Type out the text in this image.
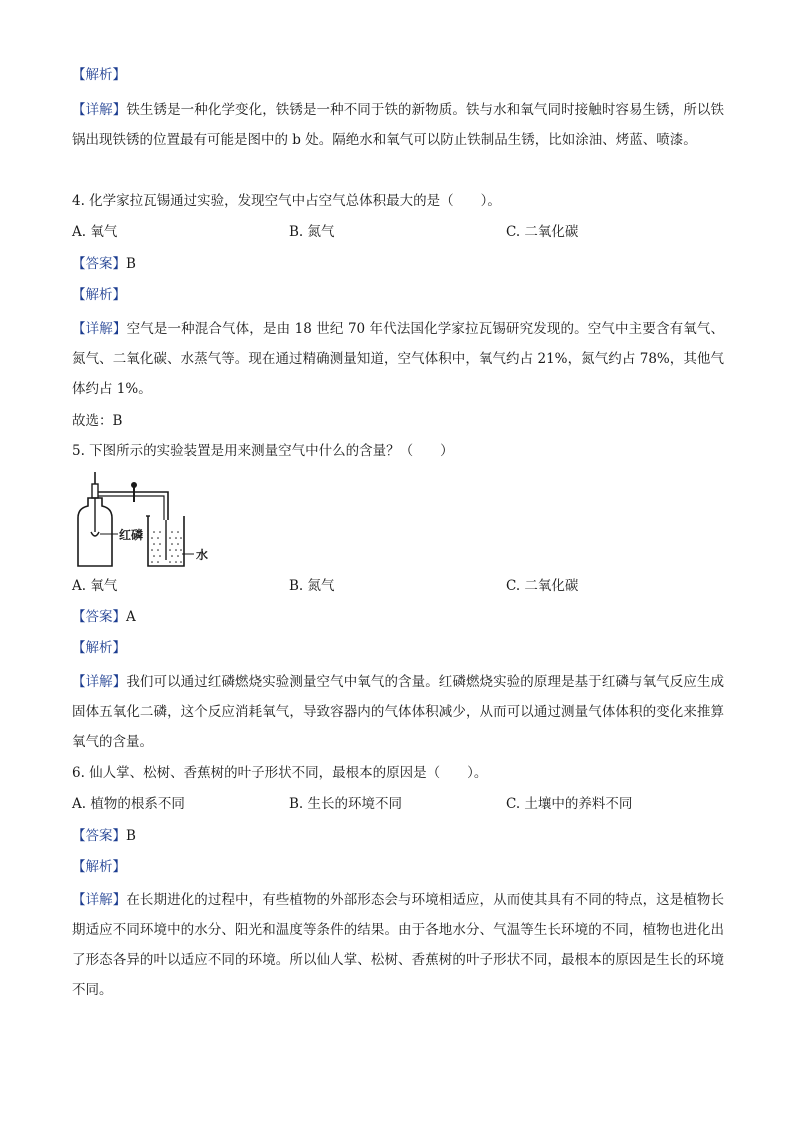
【解析】
【详解】铁生锈是一种化学变化，铁锈是一种不同于铁的新物质。铁与水和氧气同时接触时容易生锈，所以铁锅出现铁锈的位置最有可能是图中的 b 处。隔绝水和氧气可以防止铁制品生锈，比如涂油、烤蓝、喷漆。
4. 化学家拉瓦锡通过实验，发现空气中占空气总体积最大的是（　　）。
A. 氧气	B. 氮气	C. 二氧化碳
【答案】B
【解析】
【详解】空气是一种混合气体，是由 18 世纪 70 年代法国化学家拉瓦锡研究发现的。空气中主要含有氧气、氮气、二氧化碳、水蒸气等。现在通过精确测量知道，空气体积中，氧气约占 21%，氮气约占 78%，其他气体约占 1%。
故选：B
5. 下图所示的实验装置是用来测量空气中什么的含量？（　　）
红磷
水
A. 氧气	B. 氮气	C. 二氧化碳
【答案】A
【解析】
【详解】我们可以通过红磷燃烧实验测量空气中氧气的含量。红磷燃烧实验的原理是基于红磷与氧气反应生成固体五氧化二磷，这个反应消耗氧气，导致容器内的气体体积减少，从而可以通过测量气体体积的变化来推算氧气的含量。
6. 仙人掌、松树、香蕉树的叶子形状不同，最根本的原因是（　　）。
A. 植物的根系不同	B. 生长的环境不同	C. 土壤中的养料不同
【答案】B
【解析】
【详解】在长期进化的过程中，有些植物的外部形态会与环境相适应，从而使其具有不同的特点，这是植物长期适应不同环境中的水分、阳光和温度等条件的结果。由于各地水分、气温等生长环境的不同，植物也进化出了形态各异的叶以适应不同的环境。所以仙人掌、松树、香蕉树的叶子形状不同，最根本的原因是生长的环境不同。
